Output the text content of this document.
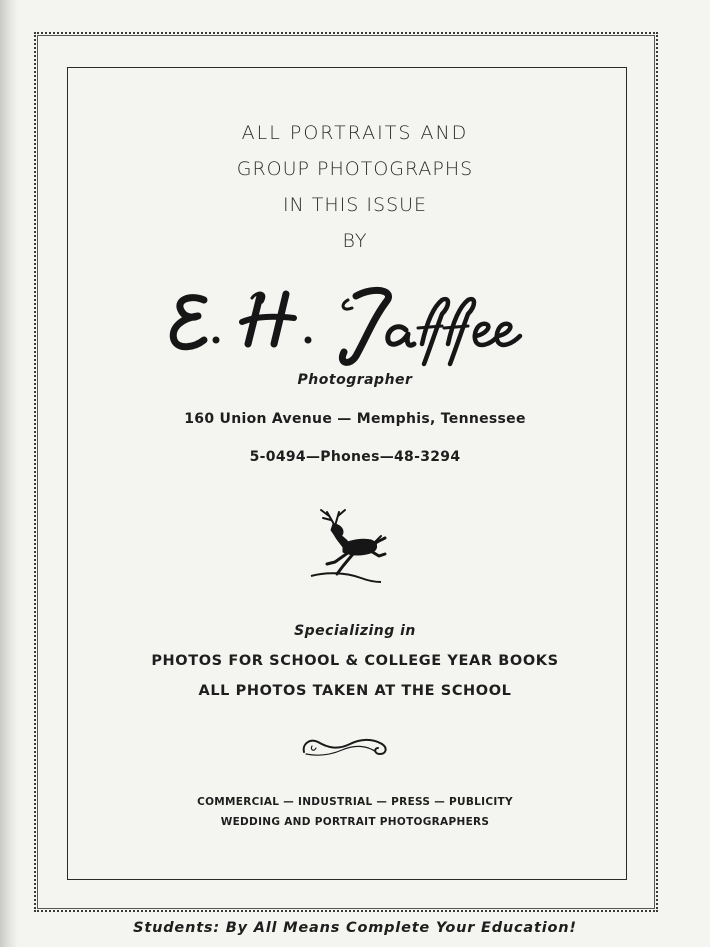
ALL PORTRAITS AND
GROUP PHOTOGRAPHS
IN THIS ISSUE
BY
Photographer
160 Union Avenue — Memphis, Tennessee
5-0494—Phones—48-3294
Specializing in
PHOTOS FOR SCHOOL & COLLEGE YEAR BOOKS
ALL PHOTOS TAKEN AT THE SCHOOL
COMMERCIAL — INDUSTRIAL — PRESS — PUBLICITY
WEDDING AND PORTRAIT PHOTOGRAPHERS
Students: By All Means Complete Your Education!
